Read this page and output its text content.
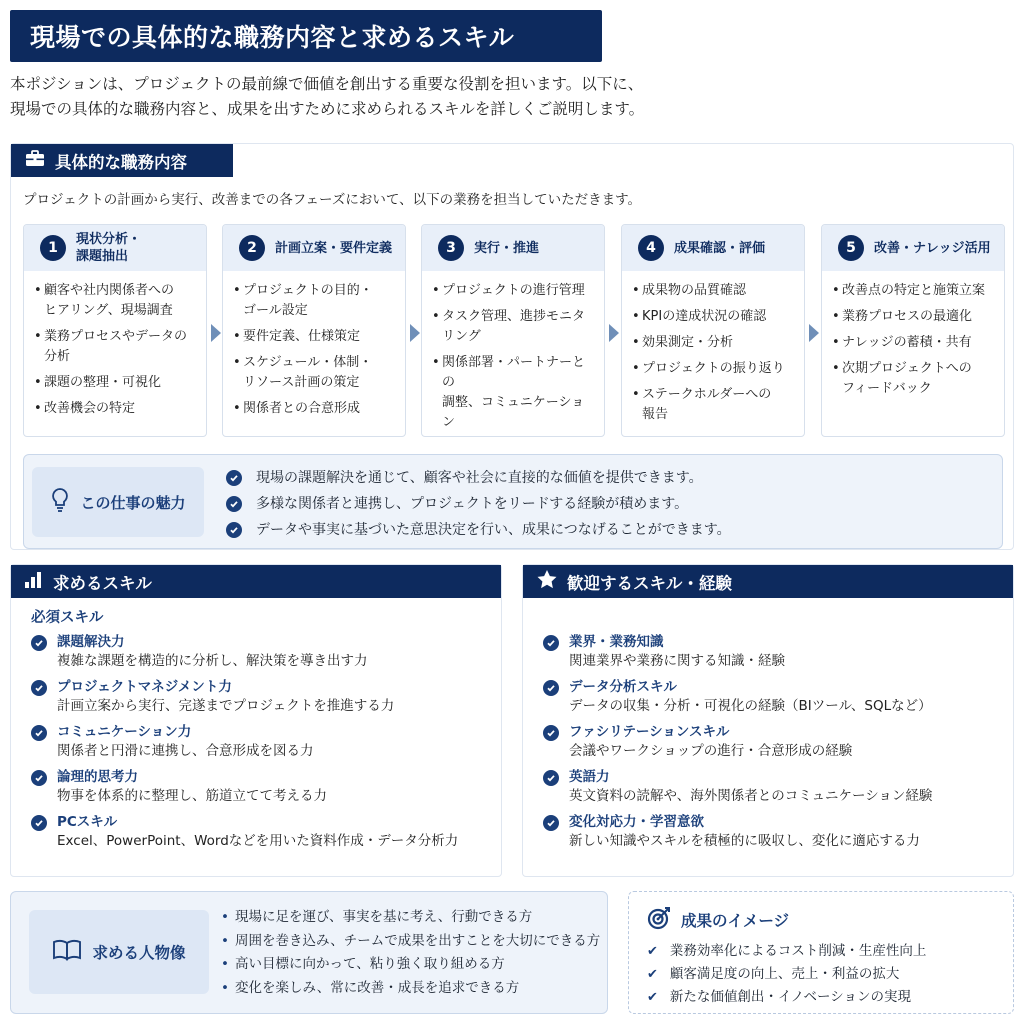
現場での具体的な職務内容と求めるスキル
本ポジションは、プロジェクトの最前線で価値を創出する重要な役割を担います。以下に、
現場での具体的な職務内容と、成果を出すために求められるスキルを詳しくご説明します。
具体的な職務内容
プロジェクトの計画から実行、改善までの各フェーズにおいて、以下の業務を担当していただきます。
1
現状分析・
課題抽出
• 顧客や社内関係者への
ヒアリング、現場調査
• 業務プロセスやデータの
分析
• 課題の整理・可視化
• 改善機会の特定
2	計画立案・要件定義
• プロジェクトの目的・
ゴール設定
• 要件定義、仕様策定
• スケジュール・体制・
リソース計画の策定
• 関係者との合意形成
3	実行・推進
• プロジェクトの進行管理
• タスク管理、進捗モニタリング
• 関係部署・パートナーとの
調整、コミュニケーション
4	成果確認・評価
• 成果物の品質確認
• KPIの達成状況の確認
• 効果測定・分析
• プロジェクトの振り返り
• ステークホルダーへの
報告
5	改善・ナレッジ活用
• 改善点の特定と施策立案
• 業務プロセスの最適化
• ナレッジの蓄積・共有
• 次期プロジェクトへの
フィードバック
この仕事の魅力
現場の課題解決を通じて、顧客や社会に直接的な価値を提供できます。
多様な関係者と連携し、プロジェクトをリードする経験が積めます。
データや事実に基づいた意思決定を行い、成果につなげることができます。
求めるスキル
必須スキル
課題解決力
複雑な課題を構造的に分析し、解決策を導き出す力
プロジェクトマネジメント力
計画立案から実行、完遂までプロジェクトを推進する力
コミュニケーション力
関係者と円滑に連携し、合意形成を図る力
論理的思考力
物事を体系的に整理し、筋道立てて考える力
PCスキル
Excel、PowerPoint、Wordなどを用いた資料作成・データ分析力
歓迎するスキル・経験
業界・業務知識
関連業界や業務に関する知識・経験
データ分析スキル
データの収集・分析・可視化の経験（BIツール、SQLなど）
ファシリテーションスキル
会議やワークショップの進行・合意形成の経験
英語力
英文資料の読解や、海外関係者とのコミュニケーション経験
変化対応力・学習意欲
新しい知識やスキルを積極的に吸収し、変化に適応する力
求める人物像
• 現場に足を運び、事実を基に考え、行動できる方
• 周囲を巻き込み、チームで成果を出すことを大切にできる方
• 高い目標に向かって、粘り強く取り組める方
• 変化を楽しみ、常に改善・成長を追求できる方
成果のイメージ
✔ 業務効率化によるコスト削減・生産性向上
✔ 顧客満足度の向上、売上・利益の拡大
✔ 新たな価値創出・イノベーションの実現
